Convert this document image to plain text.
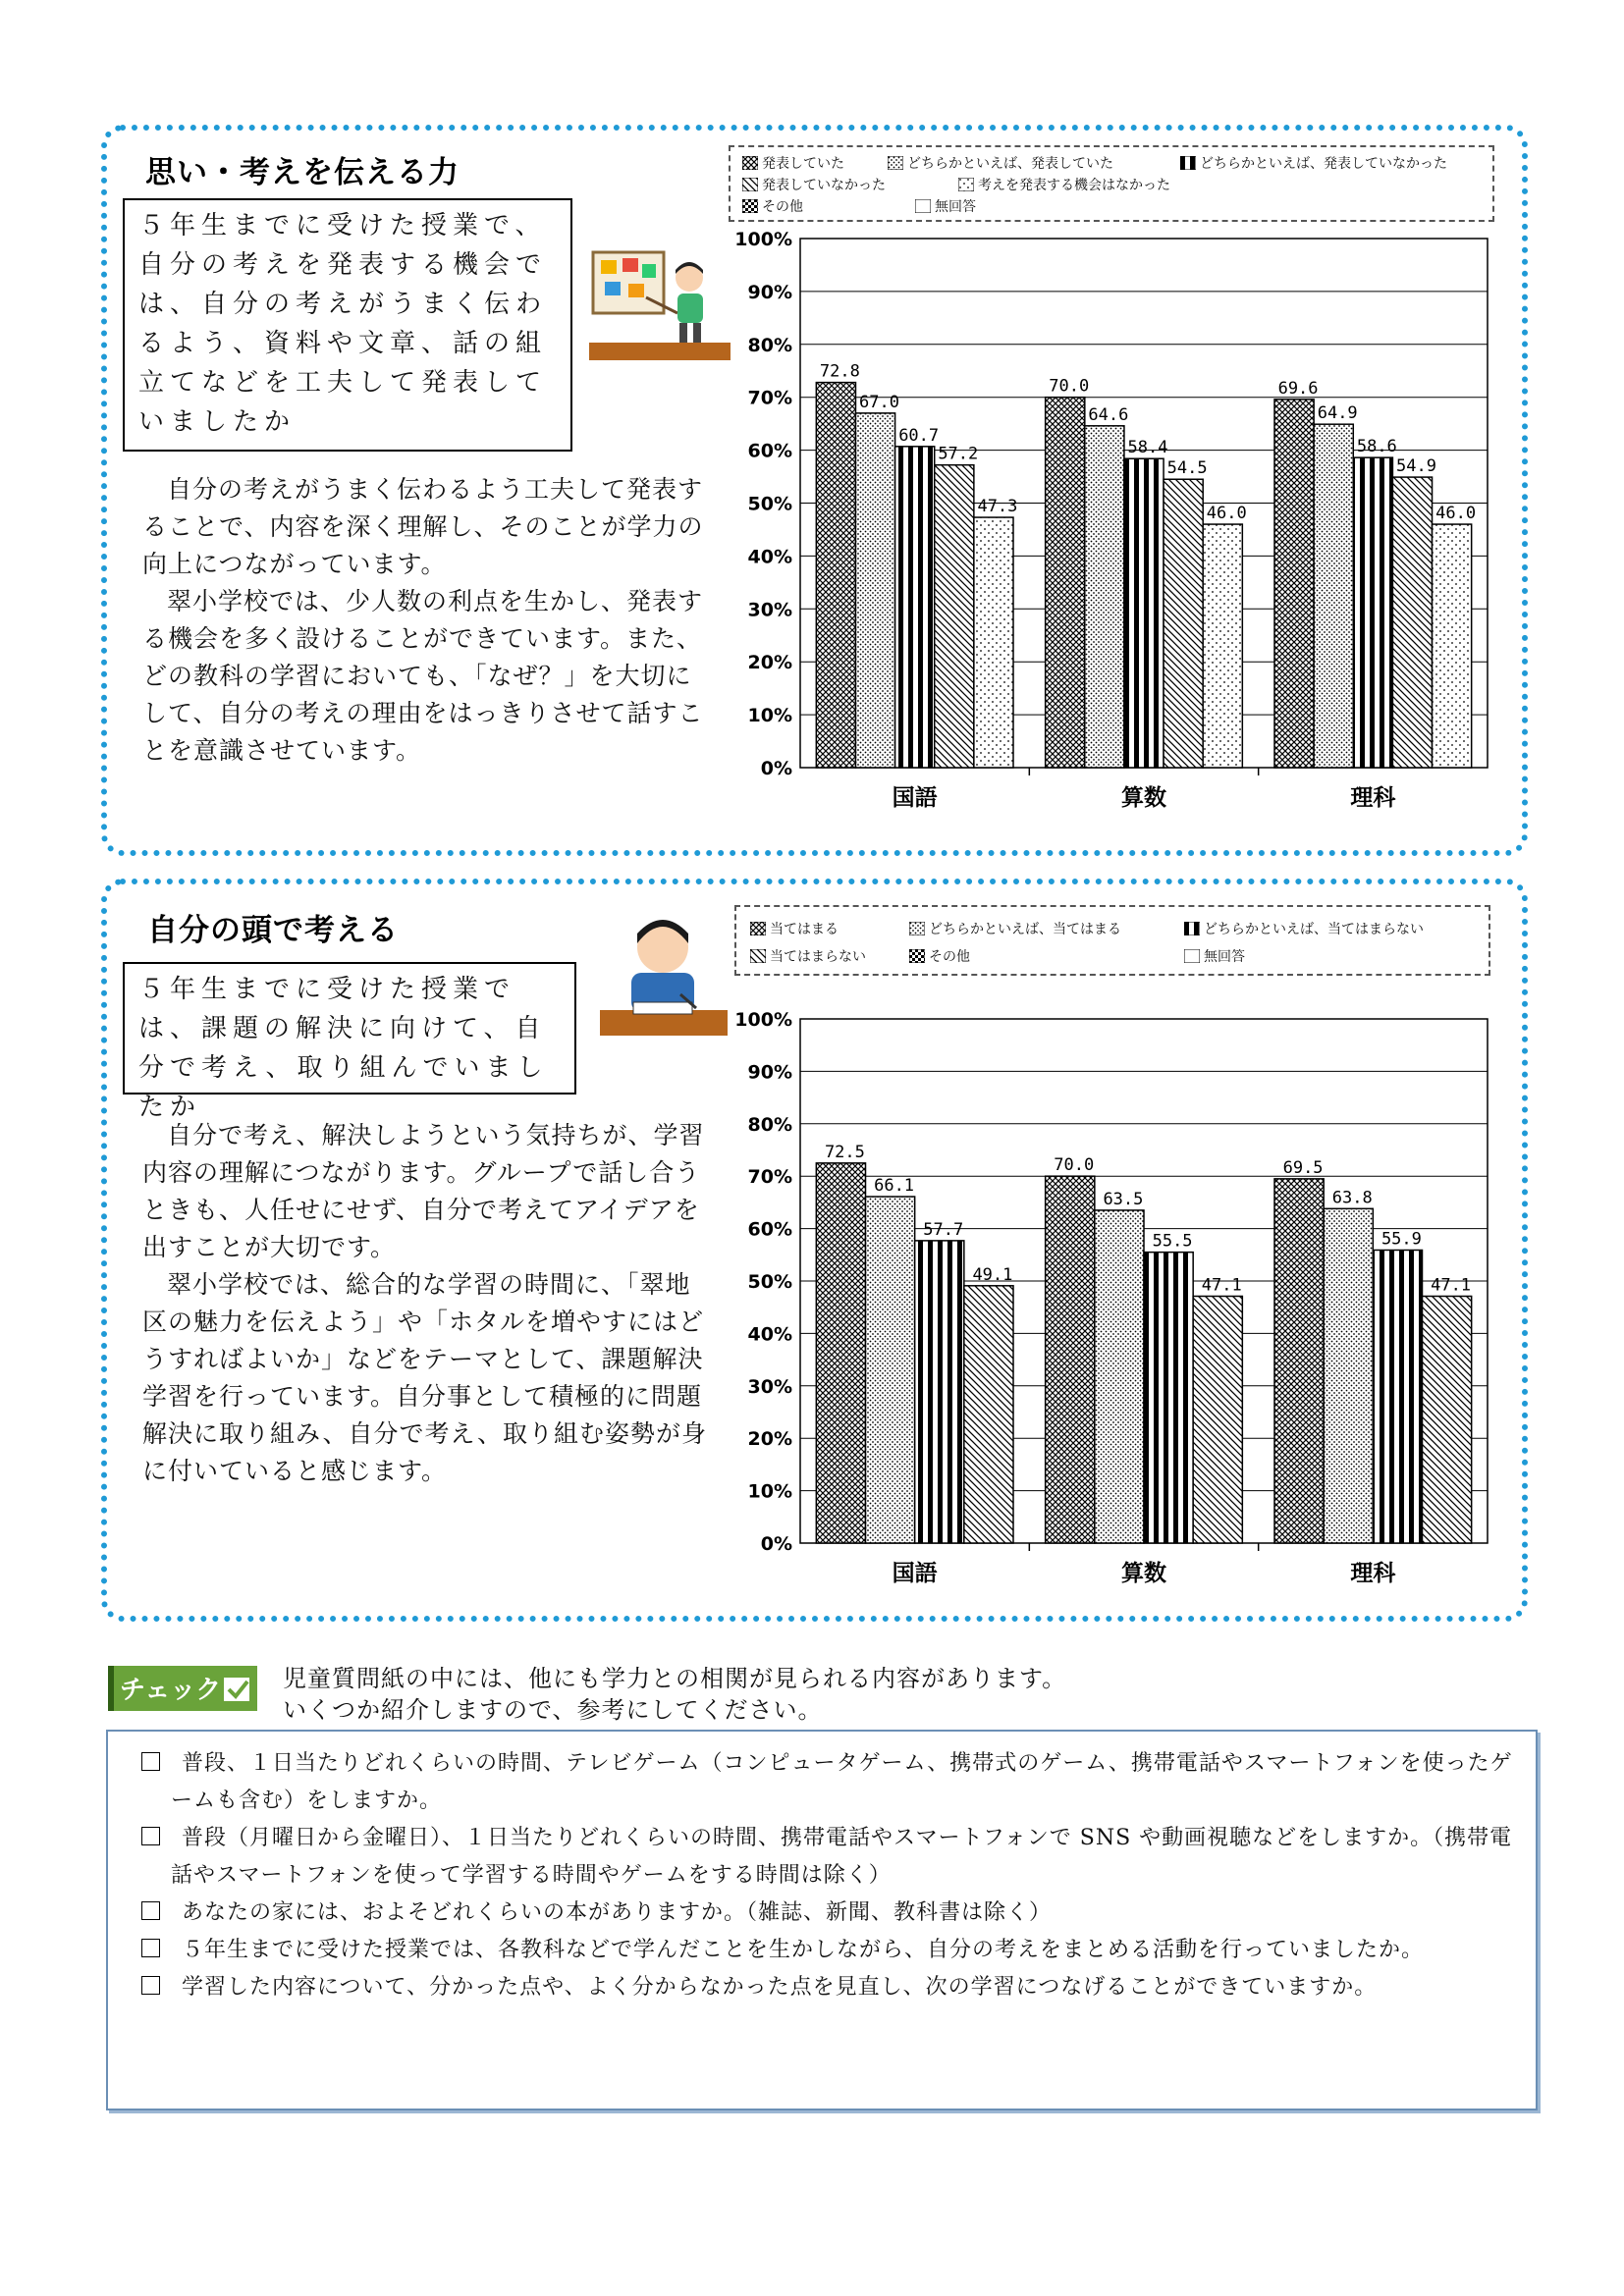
思い・考えを伝える力
５年生までに受けた授業で、自分の考えを発表する機会では、自分の考えがうまく伝わるよう、資料や文章、話の組立てなどを工夫して発表していましたか

自分の考えがうまく伝わるよう工夫して発表することで、内容を深く理解し、そのことが学力の向上につながっています。

翠小学校では、少人数の利点を生かし、発表する機会を多く設けることができています。また、どの教科の学習においても、「なぜ？」を大切にして、自分の考えの理由をはっきりさせて話すことを意識させています。

発表していた	どちらかといえば、発表していた	どちらかといえば、発表していなかった
発表していなかった	考えを発表する機会はなかった
その他	無回答
0%
10%
20%
30%
40%
50%
60%
70%
80%
90%
100%
72.8
67.0
60.7
57.2
47.3
国語
70.0
64.6
58.4
54.5
46.0
算数
69.6
64.9
58.6
54.9
46.0
理科
自分の頭で考える
５年生までに受けた授業では、課題の解決に向けて、自分で考え、取り組んでいましたか

自分で考え、解決しようという気持ちが、学習内容の理解につながります。グループで話し合うときも、人任せにせず、自分で考えてアイデアを出すことが大切です。

翠小学校では、総合的な学習の時間に、「翠地区の魅力を伝えよう」や「ホタルを増やすにはどうすればよいか」などをテーマとして、課題解決学習を行っています。自分事として積極的に問題解決に取り組み、自分で考え、取り組む姿勢が身に付いていると感じます。

当てはまる	どちらかといえば、当てはまる	どちらかといえば、当てはまらない
当てはまらない	その他	無回答
0%
10%
20%
30%
40%
50%
60%
70%
80%
90%
100%
72.5
66.1
57.7
49.1
国語
70.0
63.5
55.5
47.1
算数
69.5
63.8
55.9
47.1
理科
チェック	児童質問紙の中には、他にも学力との相関が見られる内容があります。
いくつか紹介しますので、参考にしてください。

普段、１日当たりどれくらいの時間、テレビゲーム（コンピュータゲーム、携帯式のゲーム、携帯電話やスマートフォンを使ったゲームも含む）をしますか。

普段（月曜日から金曜日）、１日当たりどれくらいの時間、携帯電話やスマートフォンで SNS や動画視聴などをしますか。（携帯電話やスマートフォンを使って学習する時間やゲームをする時間は除く）

あなたの家には、およそどれくらいの本がありますか。（雑誌、新聞、教科書は除く）

５年生までに受けた授業では、各教科などで学んだことを生かしながら、自分の考えをまとめる活動を行っていましたか。

学習した内容について、分かった点や、よく分からなかった点を見直し、次の学習につなげることができていますか。
